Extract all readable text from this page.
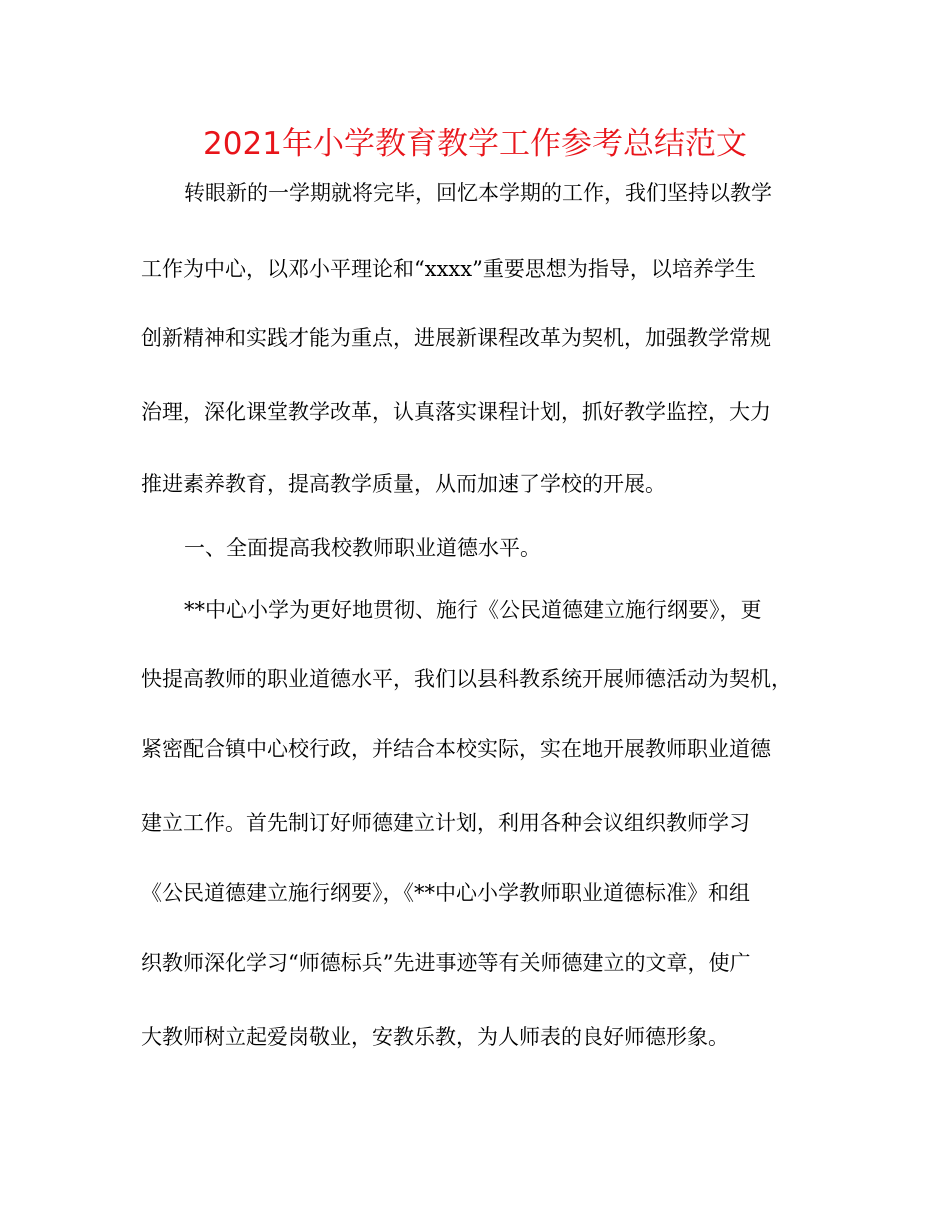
2021年小学教育教学工作参考总结范文
转眼新的一学期就将完毕，回忆本学期的工作，我们坚持以教学
工作为中心，以邓小平理论和“xxxx”重要思想为指导，以培养学生
创新精神和实践才能为重点，进展新课程改革为契机，加强教学常规
治理，深化课堂教学改革，认真落实课程计划，抓好教学监控，大力
推进素养教育，提高教学质量，从而加速了学校的开展。
一、全面提高我校教师职业道德水平。
**中心小学为更好地贯彻、施行《公民道德建立施行纲要》，更
快提高教师的职业道德水平，我们以县科教系统开展师德活动为契机，
紧密配合镇中心校行政，并结合本校实际，实在地开展教师职业道德
建立工作。首先制订好师德建立计划，利用各种会议组织教师学习
《公民道德建立施行纲要》，《**中心小学教师职业道德标准》和组
织教师深化学习“师德标兵”先进事迹等有关师德建立的文章，使广
大教师树立起爱岗敬业，安教乐教，为人师表的良好师德形象。
